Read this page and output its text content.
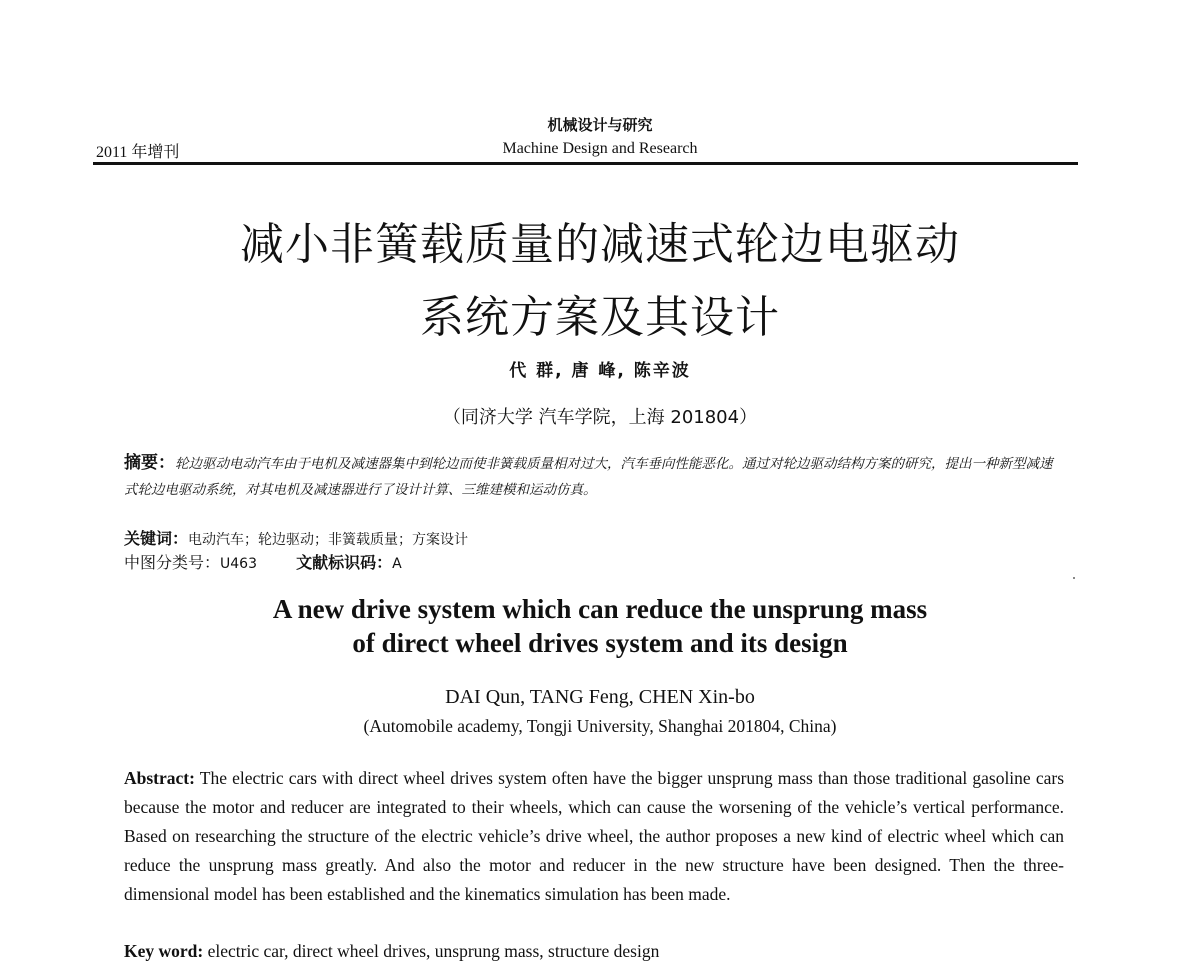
机械设计与研究
Machine Design and Research
2011 年增刊
减小非簧载质量的减速式轮边电驱动
系统方案及其设计
代 群, 唐 峰, 陈辛波
（同济大学 汽车学院，上海 201804）
摘要：轮边驱动电动汽车由于电机及减速器集中到轮边而使非簧载质量相对过大，汽车垂向性能恶化。通过对轮边驱动结构方案的研究，提出一种新型减速式轮边电驱动系统，对其电机及减速器进行了设计计算、三维建模和运动仿真。
关键词：电动汽车；轮边驱动；非簧载质量；方案设计
中图分类号：U463 文献标识码：A
A new drive system which can reduce the unsprung mass
of direct wheel drives system and its design
DAI Qun, TANG Feng, CHEN Xin-bo
(Automobile academy, Tongji University, Shanghai 201804, China)
Abstract: The electric cars with direct wheel drives system often have the bigger unsprung mass than those traditional gasoline cars because the motor and reducer are integrated to their wheels, which can cause the worsening of the vehicle’s vertical performance. Based on researching the structure of the electric vehicle’s drive wheel, the author proposes a new kind of electric wheel which can reduce the unsprung mass greatly. And also the motor and reducer in the new structure have been designed. Then the three-dimensional model has been established and the kinematics simulation has been made.
Key word: electric car, direct wheel drives, unsprung mass, structure design
